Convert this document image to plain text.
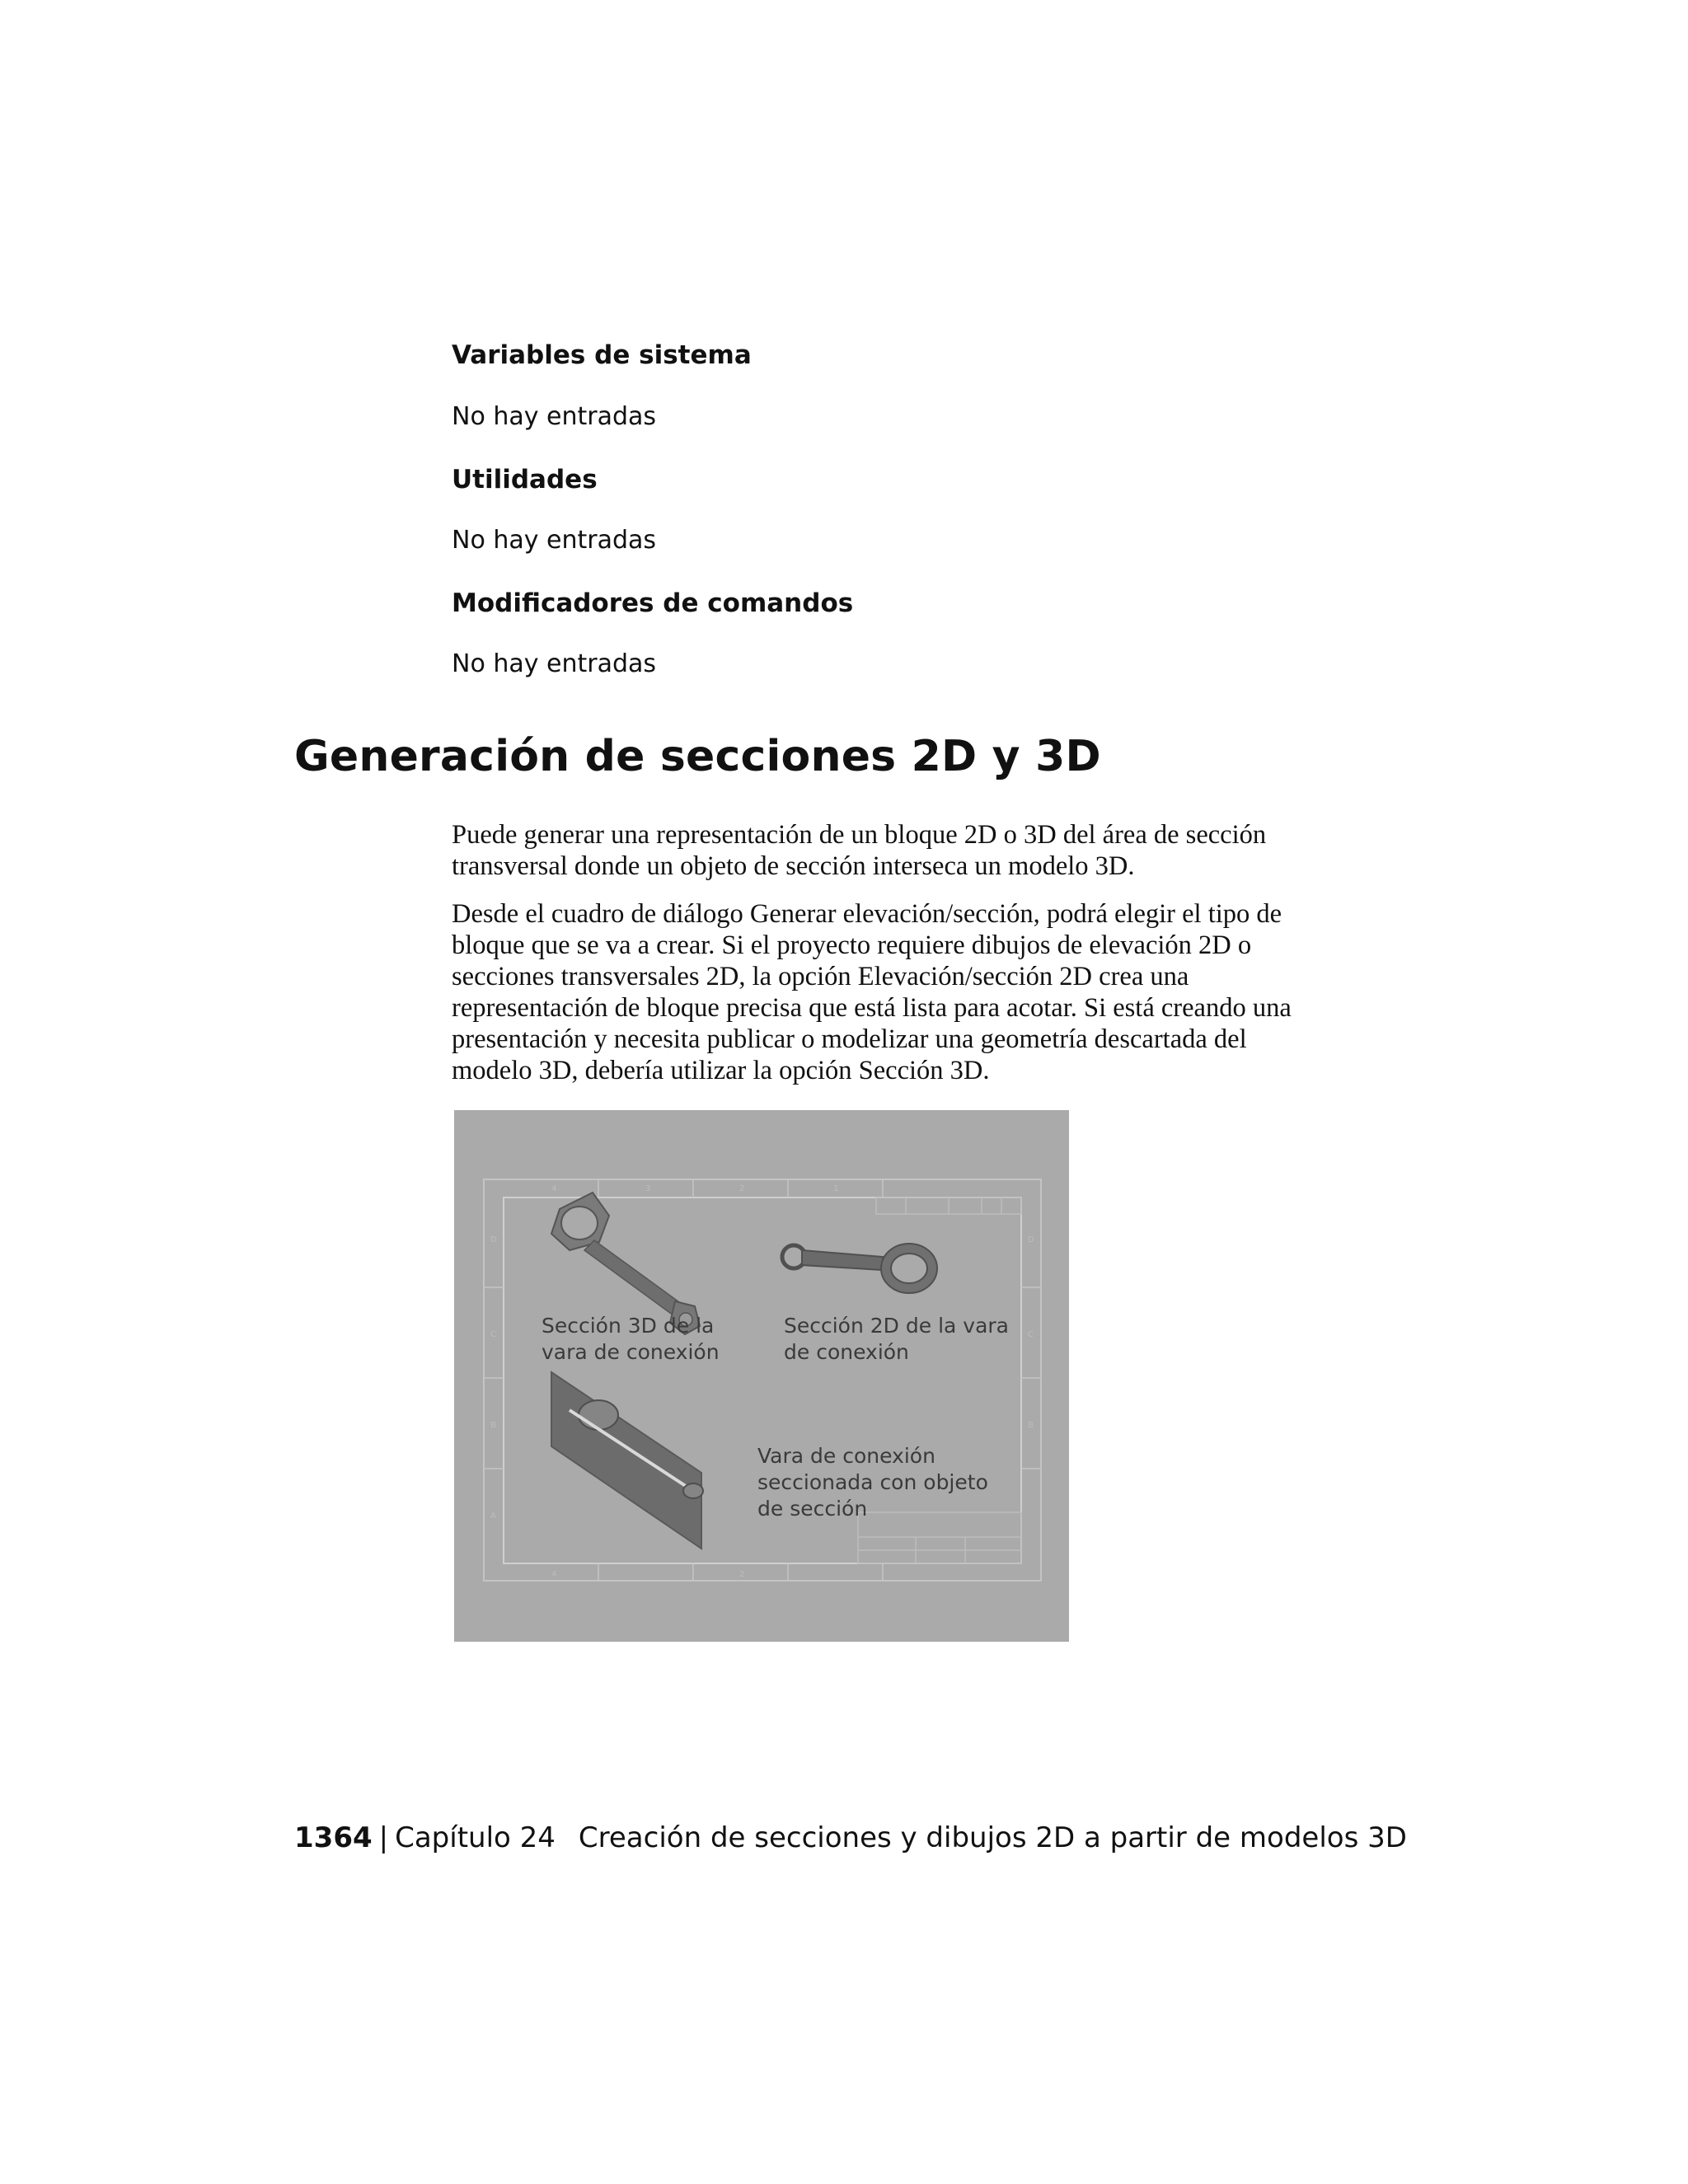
Variables de sistema

No hay entradas

Utilidades

No hay entradas

Modificadores de comandos

No hay entradas

Generación de secciones 2D y 3D

Puede generar una representación de un bloque 2D o 3D del área de sección transversal donde un objeto de sección interseca un modelo 3D.

Desde el cuadro de diálogo Generar elevación/sección, podrá elegir el tipo de bloque que se va a crear. Si el proyecto requiere dibujos de elevación 2D o secciones transversales 2D, la opción Elevación/sección 2D crea una representación de bloque precisa que está lista para acotar. Si está creando una presentación y necesita publicar o modelizar una geometría descartada del modelo 3D, debería utilizar la opción Sección 3D.

4	3	2	1
4	2
D
C
B
A
D
C
B

Sección 3D de la
vara de conexión

Sección 2D de la vara
de conexión

Vara de conexión
seccionada con objeto
de sección

1364 | Capítulo 24 Creación de secciones y dibujos 2D a partir de modelos 3D
